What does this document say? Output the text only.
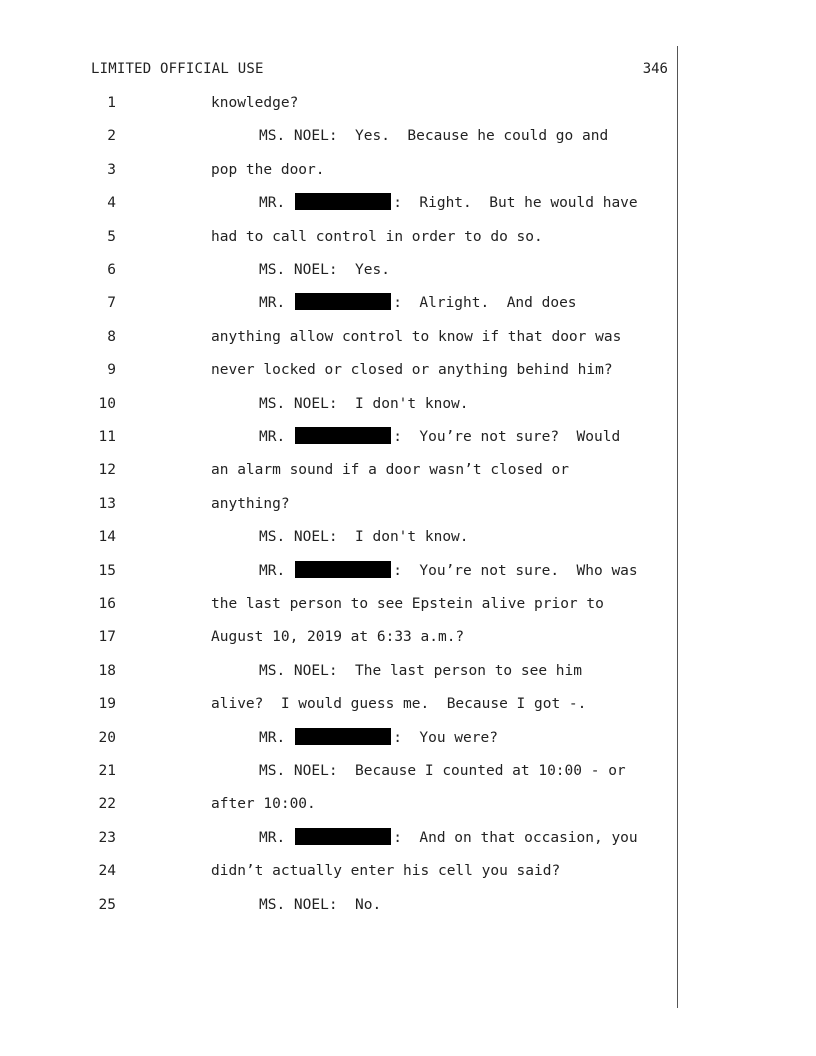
LIMITED OFFICIAL USE	346
1	knowledge?
2	MS. NOEL:  Yes.  Because he could go and
3	pop the door.
4	MR.	:  Right.  But he would have
5	had to call control in order to do so.
6	MS. NOEL:  Yes.
7	MR.	:  Alright.  And does
8	anything allow control to know if that door was
9	never locked or closed or anything behind him?
10	MS. NOEL:  I don't know.
11	MR.	:  You’re not sure?  Would
12	an alarm sound if a door wasn’t closed or
13	anything?
14	MS. NOEL:  I don't know.
15	MR.	:  You’re not sure.  Who was
16	the last person to see Epstein alive prior to
17	August 10, 2019 at 6:33 a.m.?
18	MS. NOEL:  The last person to see him
19	alive?  I would guess me.  Because I got -.
20	MR.	:  You were?
21	MS. NOEL:  Because I counted at 10:00 - or
22	after 10:00.
23	MR.	:  And on that occasion, you
24	didn’t actually enter his cell you said?
25	MS. NOEL:  No.
